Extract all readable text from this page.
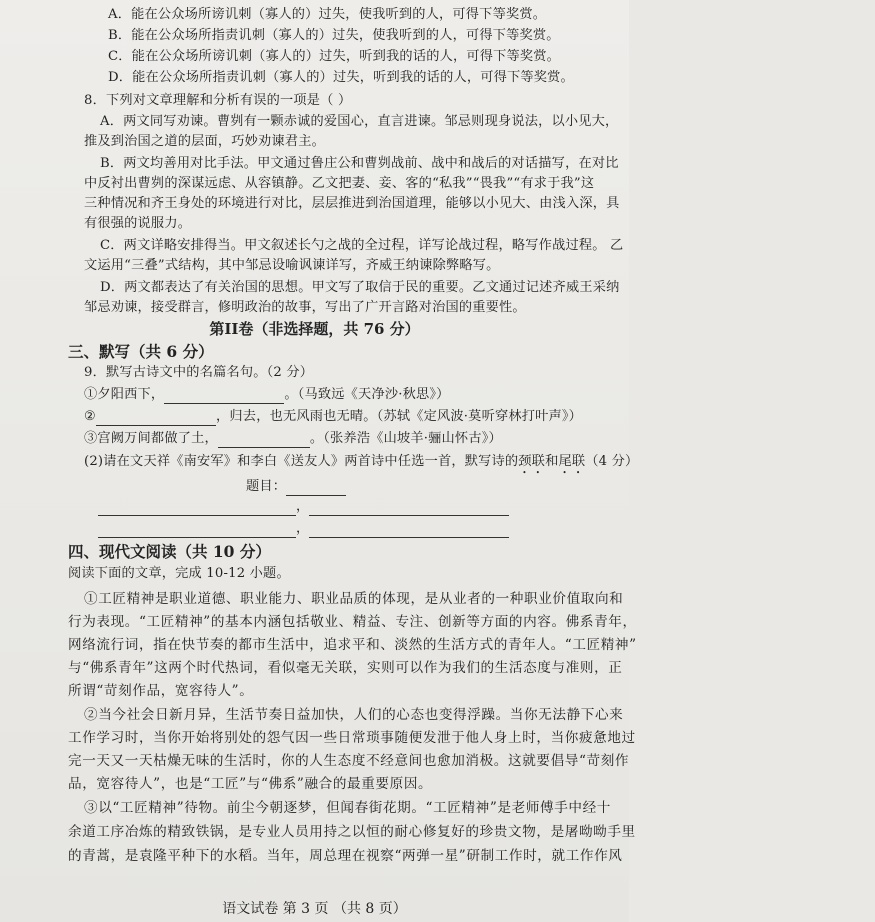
A．能在公众场所谤讥刺（寡人的）过失，使我听到的人，可得下等奖赏。
B．能在公众场所指责讥刺（寡人的）过失，使我听到的人，可得下等奖赏。
C．能在公众场所谤讥刺（寡人的）过失，听到我的话的人，可得下等奖赏。
D．能在公众场所指责讥刺（寡人的）过失，听到我的话的人，可得下等奖赏。
8．下列对文章理解和分析有误的一项是（ ）
A．两文同写劝谏。曹刿有一颗赤诚的爱国心，直言进谏。邹忌则现身说法，以小见大，
推及到治国之道的层面，巧妙劝谏君主。
B．两文均善用对比手法。甲文通过鲁庄公和曹刿战前、战中和战后的对话描写，在对比
中反衬出曹刿的深谋远虑、从容镇静。乙文把妻、妾、客的“私我”“畏我”“有求于我”这
三种情况和齐王身处的环境进行对比，层层推进到治国道理，能够以小见大、由浅入深，具
有很强的说服力。
C．两文详略安排得当。甲文叙述长勺之战的全过程，详写论战过程，略写作战过程。 乙
文运用“三叠”式结构，其中邹忌设喻讽谏详写，齐威王纳谏除弊略写。
D．两文都表达了有关治国的思想。甲文写了取信于民的重要。乙文通过记述齐威王采纳
邹忌劝谏，接受群言，修明政治的故事，写出了广开言路对治国的重要性。
第II卷（非选择题，共 76 分）
三、默写（共 6 分）
9．默写古诗文中的名篇名句。（2 分）
①夕阳西下，	。（马致远《天净沙·秋思》）
②	，归去，也无风雨也无晴。（苏轼《定风波·莫听穿林打叶声》）
③宫阙万间都做了土，	。（张养浩《山坡羊·骊山怀古》）
(2)请在文天祥《南安军》和李白《送友人》两首诗中任选一首，默写诗的颈联和尾联（4 分）
题目：
，
，
四、现代文阅读（共 10 分）
阅读下面的文章，完成 10-12 小题。
①工匠精神是职业道德、职业能力、职业品质的体现，是从业者的一种职业价值取向和
行为表现。“工匠精神”的基本内涵包括敬业、精益、专注、创新等方面的内容。佛系青年，
网络流行词，指在快节奏的都市生活中，追求平和、淡然的生活方式的青年人。“工匠精神”
与“佛系青年”这两个时代热词，看似毫无关联，实则可以作为我们的生活态度与准则，正
所谓“苛刻作品，宽容待人”。
②当今社会日新月异，生活节奏日益加快，人们的心态也变得浮躁。当你无法静下心来
工作学习时，当你开始将别处的怨气因一些日常琐事随便发泄于他人身上时，当你疲惫地过
完一天又一天枯燥无味的生活时，你的人生态度不经意间也愈加消极。这就要倡导“苛刻作
品，宽容待人”，也是“工匠”与“佛系”融合的最重要原因。
③以“工匠精神”待物。前尘今朝逐梦，但闻春街花期。“工匠精神”是老师傅手中经十
余道工序冶炼的精致铁锅，是专业人员用持之以恒的耐心修复好的珍贵文物，是屠呦呦手里
的青蒿，是袁隆平种下的水稻。当年，周总理在视察“两弹一星”研制工作时，就工作作风
语文试卷 第 3 页 （共 8 页）
